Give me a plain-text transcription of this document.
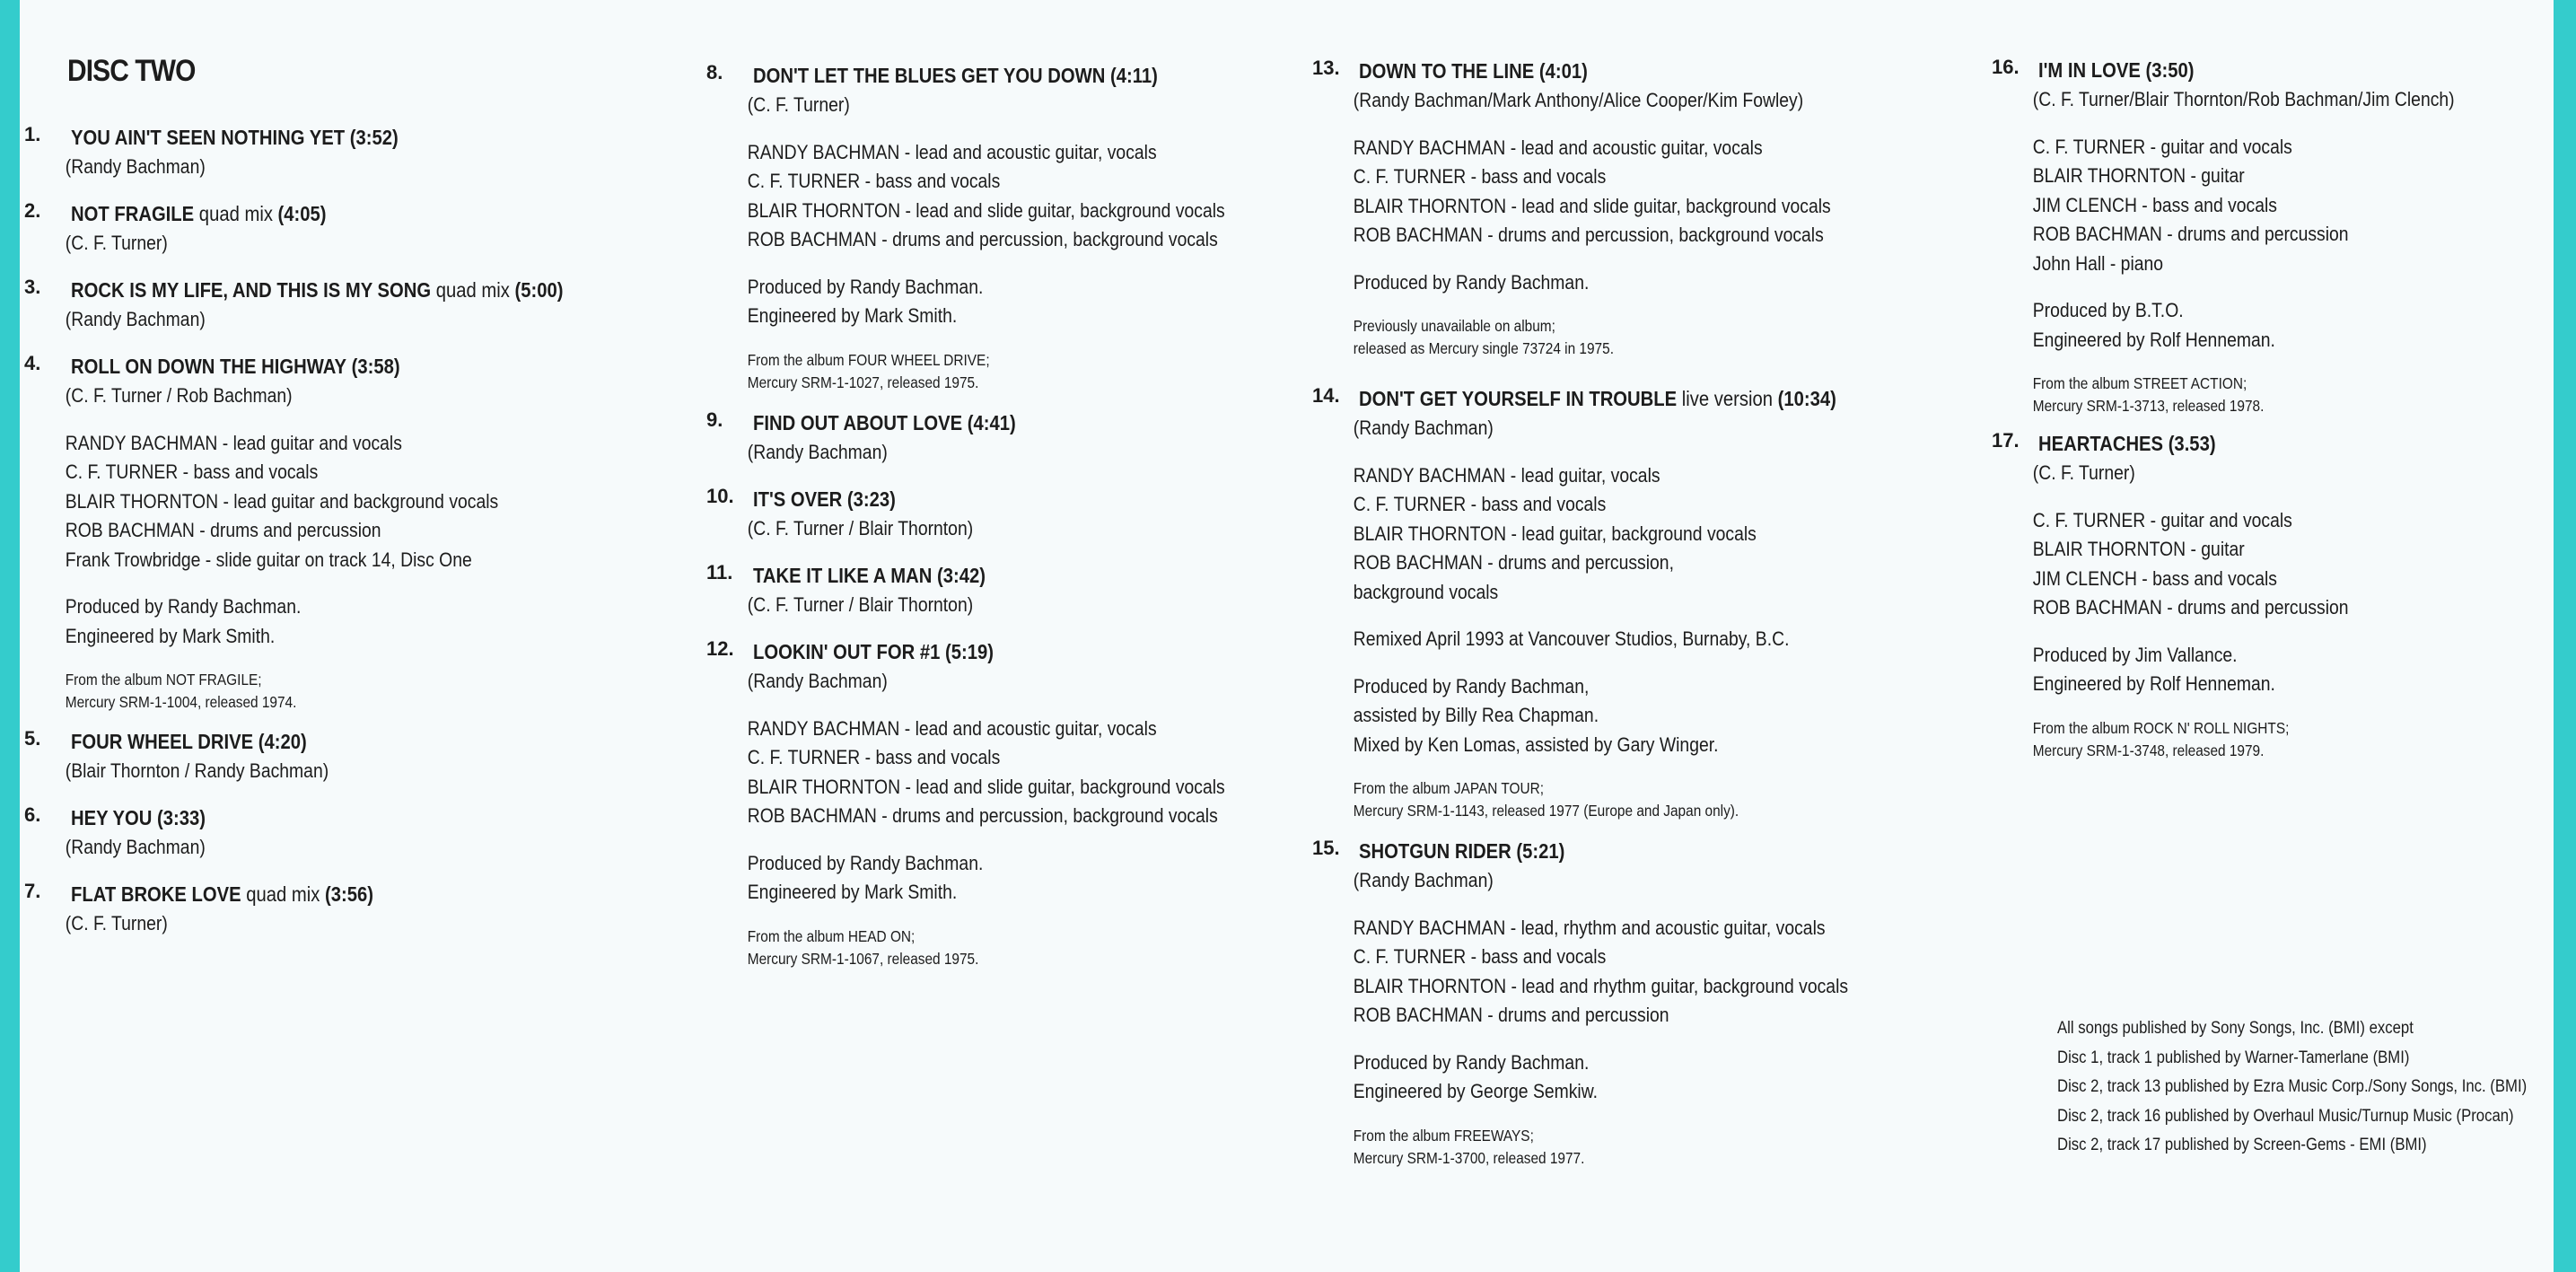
DISC TWO
1. YOU AIN'T SEEN NOTHING YET (3:52)
(Randy Bachman)
2. NOT FRAGILE quad mix (4:05)
(C. F. Turner)
3. ROCK IS MY LIFE, AND THIS IS MY SONG quad mix (5:00)
(Randy Bachman)
4. ROLL ON DOWN THE HIGHWAY (3:58)
(C. F. Turner / Rob Bachman)
RANDY BACHMAN - lead guitar and vocals
C. F. TURNER - bass and vocals
BLAIR THORNTON - lead guitar and background vocals
ROB BACHMAN - drums and percussion
Frank Trowbridge - slide guitar on track 14, Disc One
Produced by Randy Bachman.
Engineered by Mark Smith.
From the album NOT FRAGILE;
Mercury SRM-1-1004, released 1974.
5. FOUR WHEEL DRIVE (4:20)
(Blair Thornton / Randy Bachman)
6. HEY YOU (3:33)
(Randy Bachman)
7. FLAT BROKE LOVE quad mix (3:56)
(C. F. Turner)
8. DON'T LET THE BLUES GET YOU DOWN (4:11)
(C. F. Turner)
RANDY BACHMAN - lead and acoustic guitar, vocals
C. F. TURNER - bass and vocals
BLAIR THORNTON - lead and slide guitar, background vocals
ROB BACHMAN - drums and percussion, background vocals
Produced by Randy Bachman.
Engineered by Mark Smith.
From the album FOUR WHEEL DRIVE;
Mercury SRM-1-1027, released 1975.
9. FIND OUT ABOUT LOVE (4:41)
(Randy Bachman)
10. IT'S OVER (3:23)
(C. F. Turner / Blair Thornton)
11. TAKE IT LIKE A MAN (3:42)
(C. F. Turner / Blair Thornton)
12. LOOKIN' OUT FOR #1 (5:19)
(Randy Bachman)
RANDY BACHMAN - lead and acoustic guitar, vocals
C. F. TURNER - bass and vocals
BLAIR THORNTON - lead and slide guitar, background vocals
ROB BACHMAN - drums and percussion, background vocals
Produced by Randy Bachman.
Engineered by Mark Smith.
From the album HEAD ON;
Mercury SRM-1-1067, released 1975.
13. DOWN TO THE LINE (4:01)
(Randy Bachman/Mark Anthony/Alice Cooper/Kim Fowley)
RANDY BACHMAN - lead and acoustic guitar, vocals
C. F. TURNER - bass and vocals
BLAIR THORNTON - lead and slide guitar, background vocals
ROB BACHMAN - drums and percussion, background vocals
Produced by Randy Bachman.
Previously unavailable on album;
released as Mercury single 73724 in 1975.
14. DON'T GET YOURSELF IN TROUBLE live version (10:34)
(Randy Bachman)
RANDY BACHMAN - lead guitar, vocals
C. F. TURNER - bass and vocals
BLAIR THORNTON - lead guitar, background vocals
ROB BACHMAN - drums and percussion,
background vocals
Remixed April 1993 at Vancouver Studios, Burnaby, B.C.
Produced by Randy Bachman,
assisted by Billy Rea Chapman.
Mixed by Ken Lomas, assisted by Gary Winger.
From the album JAPAN TOUR;
Mercury SRM-1-1143, released 1977 (Europe and Japan only).
15. SHOTGUN RIDER (5:21)
(Randy Bachman)
RANDY BACHMAN - lead, rhythm and acoustic guitar, vocals
C. F. TURNER - bass and vocals
BLAIR THORNTON - lead and rhythm guitar, background vocals
ROB BACHMAN - drums and percussion
Produced by Randy Bachman.
Engineered by George Semkiw.
From the album FREEWAYS;
Mercury SRM-1-3700, released 1977.
16. I'M IN LOVE (3:50)
(C. F. Turner/Blair Thornton/Rob Bachman/Jim Clench)
C. F. TURNER - guitar and vocals
BLAIR THORNTON - guitar
JIM CLENCH - bass and vocals
ROB BACHMAN - drums and percussion
John Hall - piano
Produced by B.T.O.
Engineered by Rolf Henneman.
From the album STREET ACTION;
Mercury SRM-1-3713, released 1978.
17. HEARTACHES (3.53)
(C. F. Turner)
C. F. TURNER - guitar and vocals
BLAIR THORNTON - guitar
JIM CLENCH - bass and vocals
ROB BACHMAN - drums and percussion
Produced by Jim Vallance.
Engineered by Rolf Henneman.
From the album ROCK N' ROLL NIGHTS;
Mercury SRM-1-3748, released 1979.
All songs published by Sony Songs, Inc. (BMI) except
Disc 1, track 1 published by Warner-Tamerlane (BMI)
Disc 2, track 13 published by Ezra Music Corp./Sony Songs, Inc. (BMI)
Disc 2, track 16 published by Overhaul Music/Turnup Music (Procan)
Disc 2, track 17 published by Screen-Gems - EMI (BMI)
